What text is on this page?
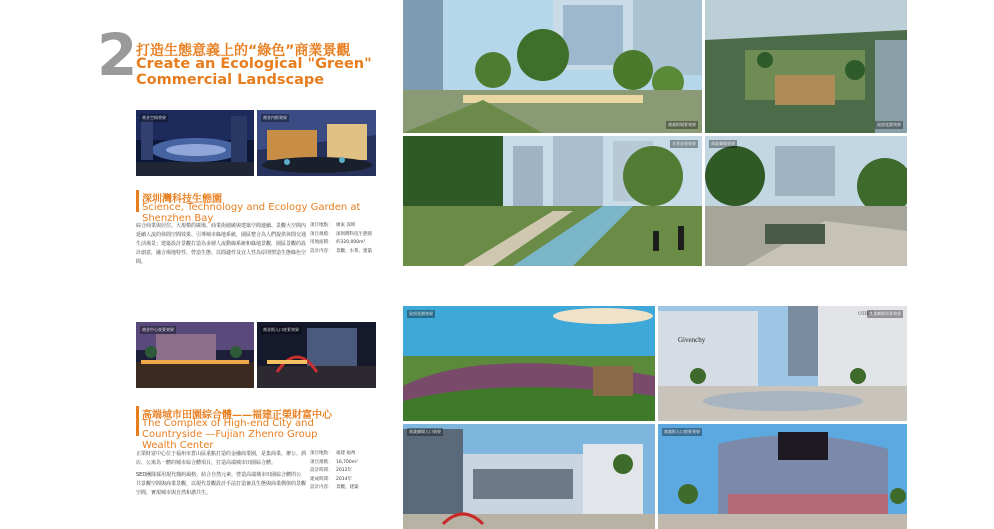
2
打造生態意義上的“綠色”商業景觀
Create an Ecological "Green" Commercial Landscape
商业空间效果	商业内街效果
深圳灣科技生態園
Science, Technology and Ecology Garden at Shenzhen Bay

綜合商業與居住、大規模的廣場、商業街圍繞與建築空間連續、景觀大空間內延續人流的休閒空間效果、引導城市綠地系統，園區整合為人們提供休閒交通生活場景；建築設計景觀打造為多層人流動線系統和綠地景觀，園區景觀的設計創意，融合場地特性、營造生態、以閒適性及宜人性為原則塑造生態綠色空間。

項目地點： 廣東 深圳
項目規模： 深圳灣科技生態園
用地面積： 約320,000m²
設計内容： 景觀、水系、建築
商业中心夜景效果	商业街入口夜景效果
高端城市田園綜合體——福建正榮財富中心
The Complex of High-end City and Countryside —Fujian Zhenro Group Wealth Center

正榮財富中心位于福州市倉山區重點打造的金融商業圈，是集商業、辦公、酒店、公寓為一體的城市綜合體項目，打造高端城市田園綜合體。

SED團隊採用現代簡約風格，結合自然元素，營造高端城市田園綜合體的公共景觀空間與商業景觀，以現代景觀設計手法打造兼具生態與商業價值的景觀空間，實現城市與自然和諧共生。

項目地點： 福建 福州
項目規模： 16,700m²
設計時間： 2012年
建成時間： 2014年
設計内容： 景觀、建築
商業街場景效果	屋頂花園效果
水景步道效果	商業廣場效果
屋頂花園效果
Givenchy
OTHER
商業廣場水景效果
商業廣場入口效果	商業街入口夜景效果
